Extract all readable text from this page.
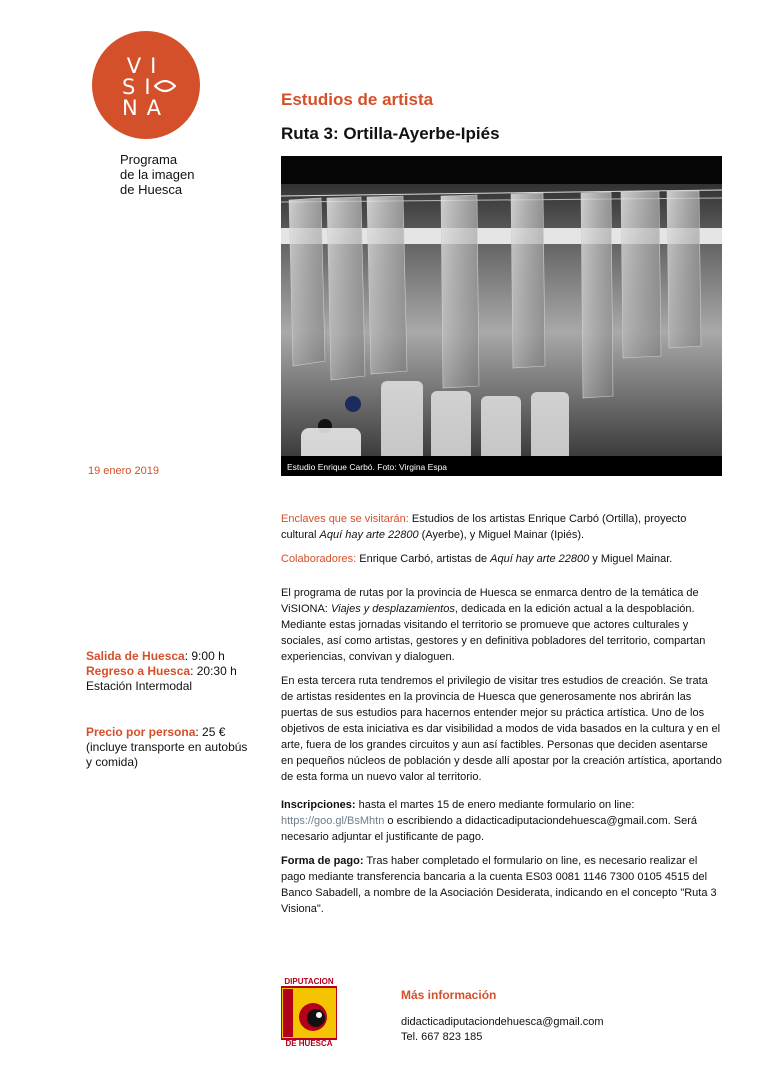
VI
SI
NA
Programa
de la imagen
de Huesca
Estudios de artista
Ruta 3: Ortilla-Ayerbe-Ipiés
Estudio Enrique Carbó. Foto: Virgina Espa
19 enero 2019
Salida de Huesca: 9:00 h
Regreso a Huesca: 20:30 h
Estación Intermodal
Precio por persona: 25 €
(incluye transporte en autobús
y comida)

Enclaves que se visitarán: Estudios de los artistas Enrique Carbó (Ortilla), proyecto cultural Aquí hay arte 22800 (Ayerbe), y Miguel Mainar (Ipiés).

Colaboradores: Enrique Carbó, artistas de Aquí hay arte 22800 y Miguel Mainar.

El programa de rutas por la provincia de Huesca se enmarca dentro de la temática de ViSIONA: Viajes y desplazamientos, dedicada en la edición actual a la despoblación. Mediante estas jornadas visitando el territorio se promueve que actores culturales y sociales, así como artistas, gestores y en definitiva pobladores del territorio, compartan experiencias, convivan y dialoguen.

En esta tercera ruta tendremos el privilegio de visitar tres estudios de creación. Se trata de artistas residentes en la provincia de Huesca que generosamente nos abrirán las puertas de sus estudios para hacernos entender mejor su práctica artística. Uno de los objetivos de esta iniciativa es dar visibilidad a modos de vida basados en la cultura y en el arte, fuera de los grandes circuitos y aun así factibles. Personas que deciden asentarse en pequeños núcleos de población y desde allí apostar por la creación artística, aportando de esta forma un nuevo valor al territorio.

Inscripciones: hasta el martes 15 de enero mediante formulario on line: https://goo.gl/BsMhtn o escribiendo a didacticadiputaciondehuesca@gmail.com. Será necesario adjuntar el justificante de pago.

Forma de pago: Tras haber completado el formulario on line, es necesario realizar el pago mediante transferencia bancaria a la cuenta ES03 0081 1146 7300 0105 4515 del Banco Sabadell, a nombre de la Asociación Desiderata, indicando en el concepto "Ruta 3 Visiona".

DIPUTACION
DE HUESCA
Más información
didacticadiputaciondehuesca@gmail.com
Tel. 667 823 185
